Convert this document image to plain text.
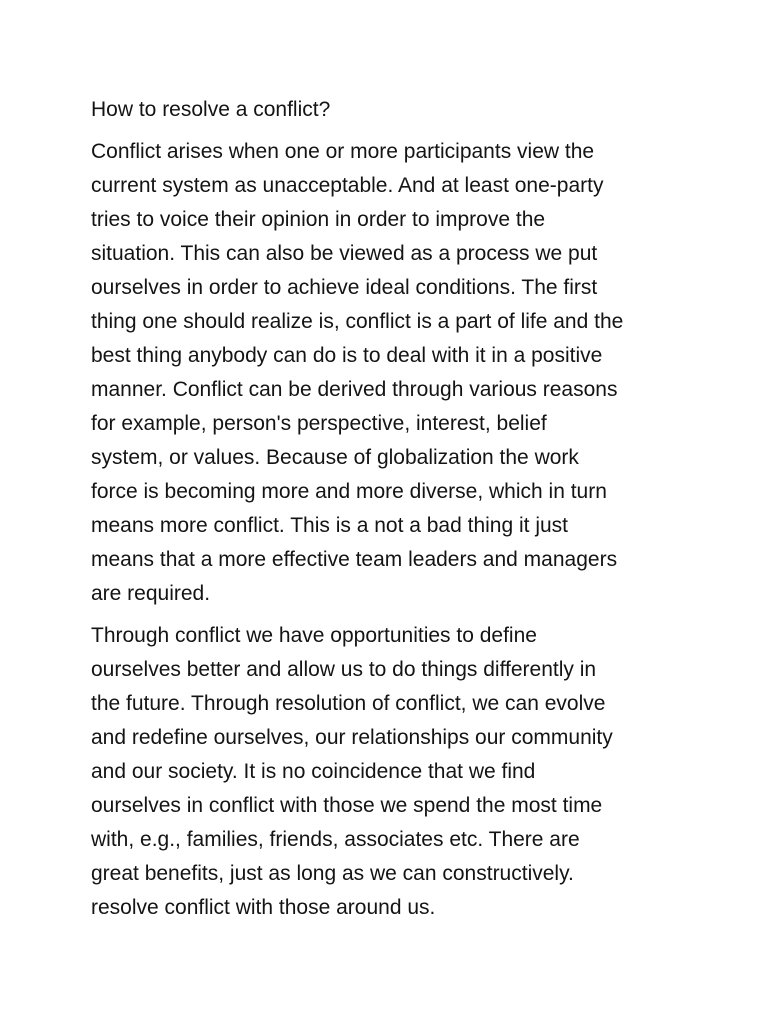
How to resolve a conflict?
Conflict arises when one or more participants view the
current system as unacceptable. And at least one-party
tries to voice their opinion in order to improve the
situation. This can also be viewed as a process we put
ourselves in order to achieve ideal conditions. The first
thing one should realize is, conflict is a part of life and the
best thing anybody can do is to deal with it in a positive
manner. Conflict can be derived through various reasons
for example, person's perspective, interest, belief
system, or values. Because of globalization the work
force is becoming more and more diverse, which in turn
means more conflict. This is a not a bad thing it just
means that a more effective team leaders and managers
are required.
Through conflict we have opportunities to define
ourselves better and allow us to do things differently in
the future. Through resolution of conflict, we can evolve
and redefine ourselves, our relationships our community
and our society. It is no coincidence that we find
ourselves in conflict with those we spend the most time
with, e.g., families, friends, associates etc. There are
great benefits, just as long as we can constructively.
resolve conflict with those around us.
